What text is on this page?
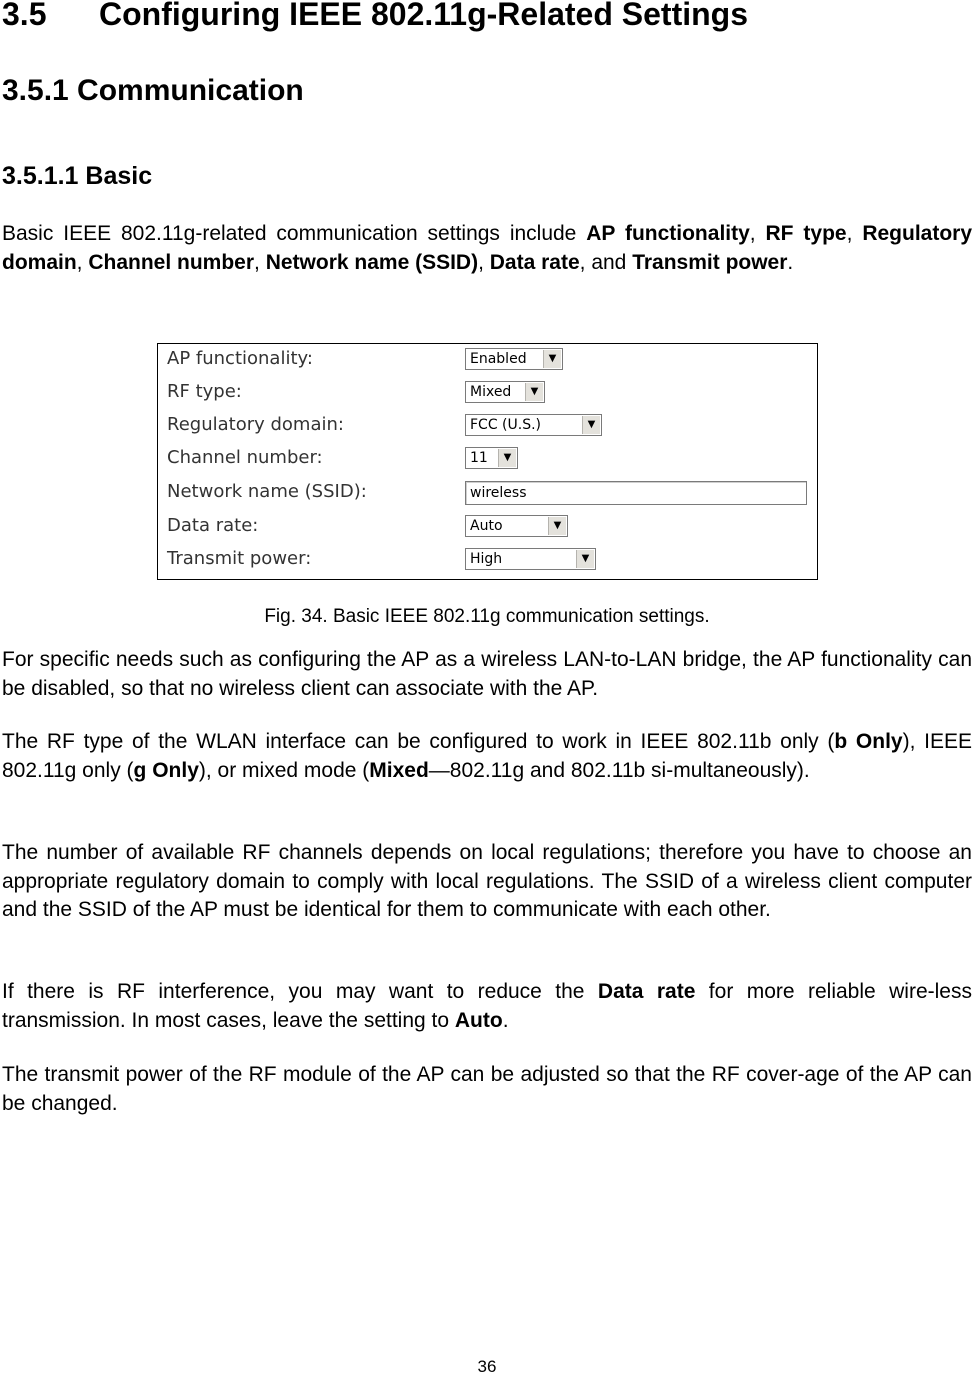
3.5 Configuring IEEE 802.11g-Related Settings
3.5.1 Communication
3.5.1.1 Basic

Basic IEEE 802.11g-related communication settings include AP functionality, RF type, Regulatory domain, Channel number, Network name (SSID), Data rate, and Transmit power.

AP functionality:	Enabled	▼
RF type:	Mixed	▼
Regulatory domain:	FCC (U.S.)	▼
Channel number:	11	▼
Network name (SSID):	wireless
Data rate:	Auto	▼
Transmit power:	High	▼
Fig. 34. Basic IEEE 802.11g communication settings.

For specific needs such as configuring the AP as a wireless LAN-to-LAN bridge, the AP functionality can be disabled, so that no wireless client can associate with the AP.

The RF type of the WLAN interface can be configured to work in IEEE 802.11b only (b Only), IEEE 802.11g only (g Only), or mixed mode (Mixed—802.11g and 802.11b si-multaneously).

The number of available RF channels depends on local regulations; therefore you have to choose an appropriate regulatory domain to comply with local regulations. The SSID of a wireless client computer and the SSID of the AP must be identical for them to communicate with each other.

If there is RF interference, you may want to reduce the Data rate for more reliable wire-less transmission. In most cases, leave the setting to Auto.

The transmit power of the RF module of the AP can be adjusted so that the RF cover-age of the AP can be changed.

36
